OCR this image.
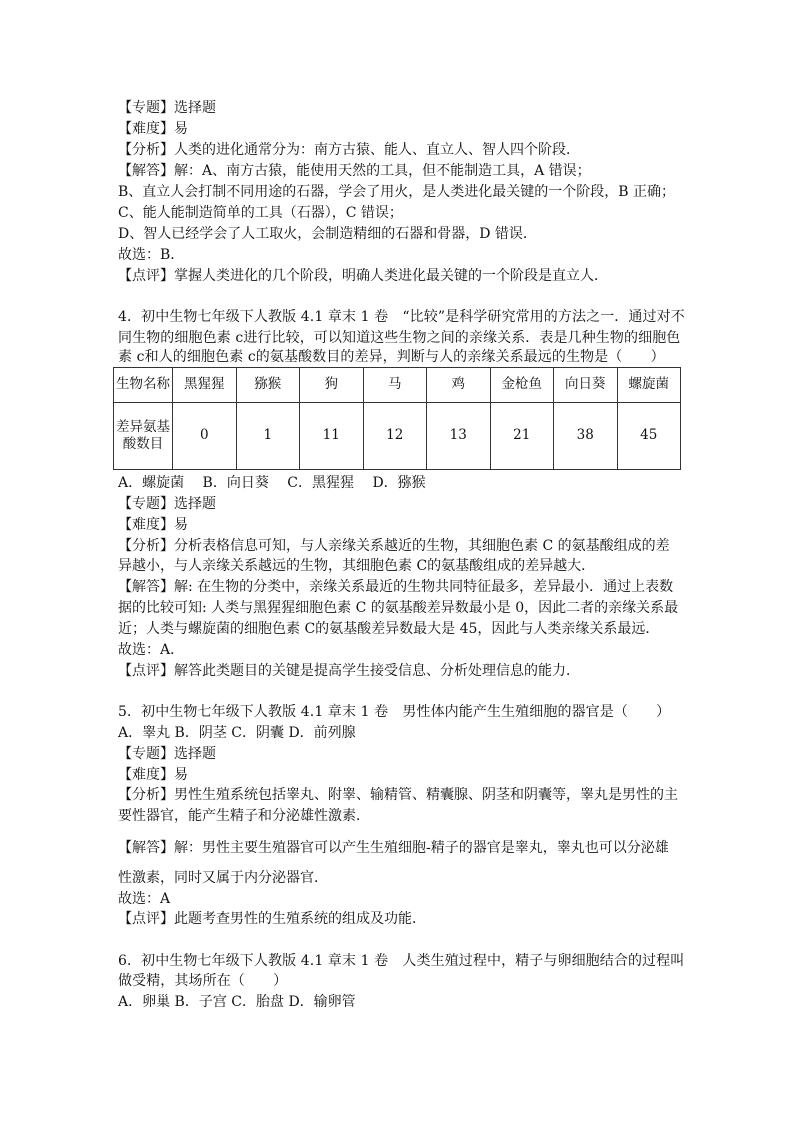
【专题】选择题
【难度】易
【分析】人类的进化通常分为：南方古猿、能人、直立人、智人四个阶段．
【解答】解：A、南方古猿，能使用天然的工具，但不能制造工具，A 错误；
B、直立人会打制不同用途的石器，学会了用火，是人类进化最关键的一个阶段，B 正确；
C、能人能制造简单的工具（石器），C 错误；
D、智人已经学会了人工取火，会制造精细的石器和骨器，D 错误．
故选：B．
【点评】掌握人类进化的几个阶段，明确人类进化最关键的一个阶段是直立人．
4．初中生物七年级下人教版 4.1 章末 1 卷　“比较”是科学研究常用的方法之一．通过对不
同生物的细胞色素 c进行比较，可以知道这些生物之间的亲缘关系．表是几种生物的细胞色
素 c和人的细胞色素 c的氨基酸数目的差异，判断与人的亲缘关系最远的生物是（　　）
生物名称	黑猩猩	猕猴	狗	马	鸡	金枪鱼	向日葵	螺旋菌
差异氨基酸数目	0	1	11	12	13	21	38	45
A．螺旋菌　 B．向日葵　 C．黑猩猩　 D．猕猴
【专题】选择题
【难度】易
【分析】分析表格信息可知，与人亲缘关系越近的生物，其细胞色素 C 的氨基酸组成的差
异越小，与人亲缘关系越远的生物，其细胞色素 C的氨基酸组成的差异越大．
【解答】解: 在生物的分类中，亲缘关系最近的生物共同特征最多，差异最小．通过上表数
据的比较可知: 人类与黑猩猩细胞色素 C 的氨基酸差异数最小是 0，因此二者的亲缘关系最
近；人类与螺旋菌的细胞色素 C的氨基酸差异数最大是 45，因此与人类亲缘关系最远．
故选：A．
【点评】解答此类题目的关键是提高学生接受信息、分析处理信息的能力．
5．初中生物七年级下人教版 4.1 章末 1 卷　男性体内能产生生殖细胞的器官是（　　）
A．睾丸 B．阴茎 C．阴囊 D．前列腺
【专题】选择题
【难度】易
【分析】男性生殖系统包括睾丸、附睾、输精管、精囊腺、阴茎和阴囊等，睾丸是男性的主
要性器官，能产生精子和分泌雄性激素．
【解答】解：男性主要生殖器官可以产生生殖细胞-精子的器官是睾丸，睾丸也可以分泌雄
性激素，同时又属于内分泌器官．
故选：A
【点评】此题考查男性的生殖系统的组成及功能．
6．初中生物七年级下人教版 4.1 章末 1 卷　人类生殖过程中，精子与卵细胞结合的过程叫
做受精，其场所在（　　）
A．卵巢 B．子宫 C．胎盘 D．输卵管
